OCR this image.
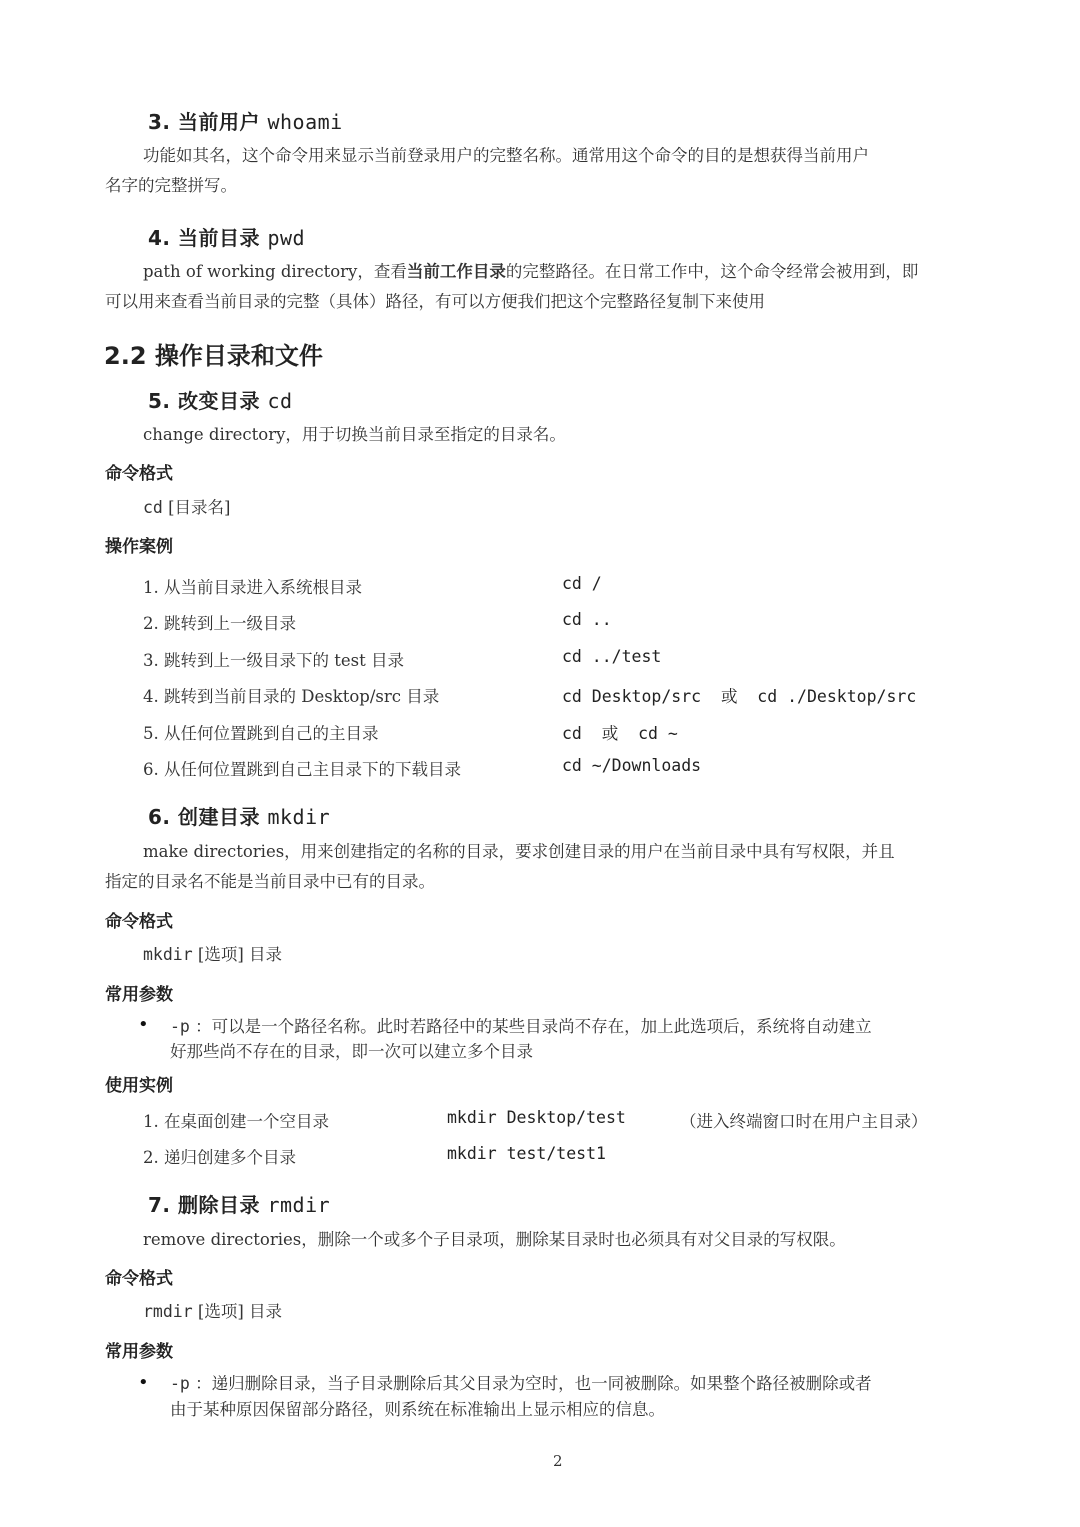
3. 当前用户 whoami
功能如其名，这个命令用来显示当前登录用户的完整名称。通常用这个命令的目的是想获得当前用户
名字的完整拼写。
4. 当前目录 pwd
path of working directory，查看当前工作目录的完整路径。在日常工作中，这个命令经常会被用到，即
可以用来查看当前目录的完整（具体）路径，有可以方便我们把这个完整路径复制下来使用
2.2 操作目录和文件
5. 改变目录 cd
change directory，用于切换当前目录至指定的目录名。
命令格式
cd [目录名]
操作案例
1. 从当前目录进入系统根目录	cd /
2. 跳转到上一级目录	cd ..
3. 跳转到上一级目录下的 test 目录	cd ../test
4. 跳转到当前目录的 Desktop/src 目录	cd Desktop/src  或  cd ./Desktop/src
5. 从任何位置跳到自己的主目录	cd  或  cd ~
6. 从任何位置跳到自己主目录下的下载目录	cd ~/Downloads
6. 创建目录 mkdir
make directories，用来创建指定的名称的目录，要求创建目录的用户在当前目录中具有写权限，并且
指定的目录名不能是当前目录中已有的目录。
命令格式
mkdir [选项] 目录
常用参数
• -p ：可以是一个路径名称。此时若路径中的某些目录尚不存在，加上此选项后，系统将自动建立
好那些尚不存在的目录，即一次可以建立多个目录
使用实例
1. 在桌面创建一个空目录	mkdir Desktop/test	（进入终端窗口时在用户主目录）
2. 递归创建多个目录	mkdir test/test1
7. 删除目录 rmdir
remove directories，删除一个或多个子目录项，删除某目录时也必须具有对父目录的写权限。
命令格式
rmdir [选项] 目录
常用参数
• -p ：递归删除目录，当子目录删除后其父目录为空时，也一同被删除。如果整个路径被删除或者
由于某种原因保留部分路径，则系统在标准输出上显示相应的信息。
2
